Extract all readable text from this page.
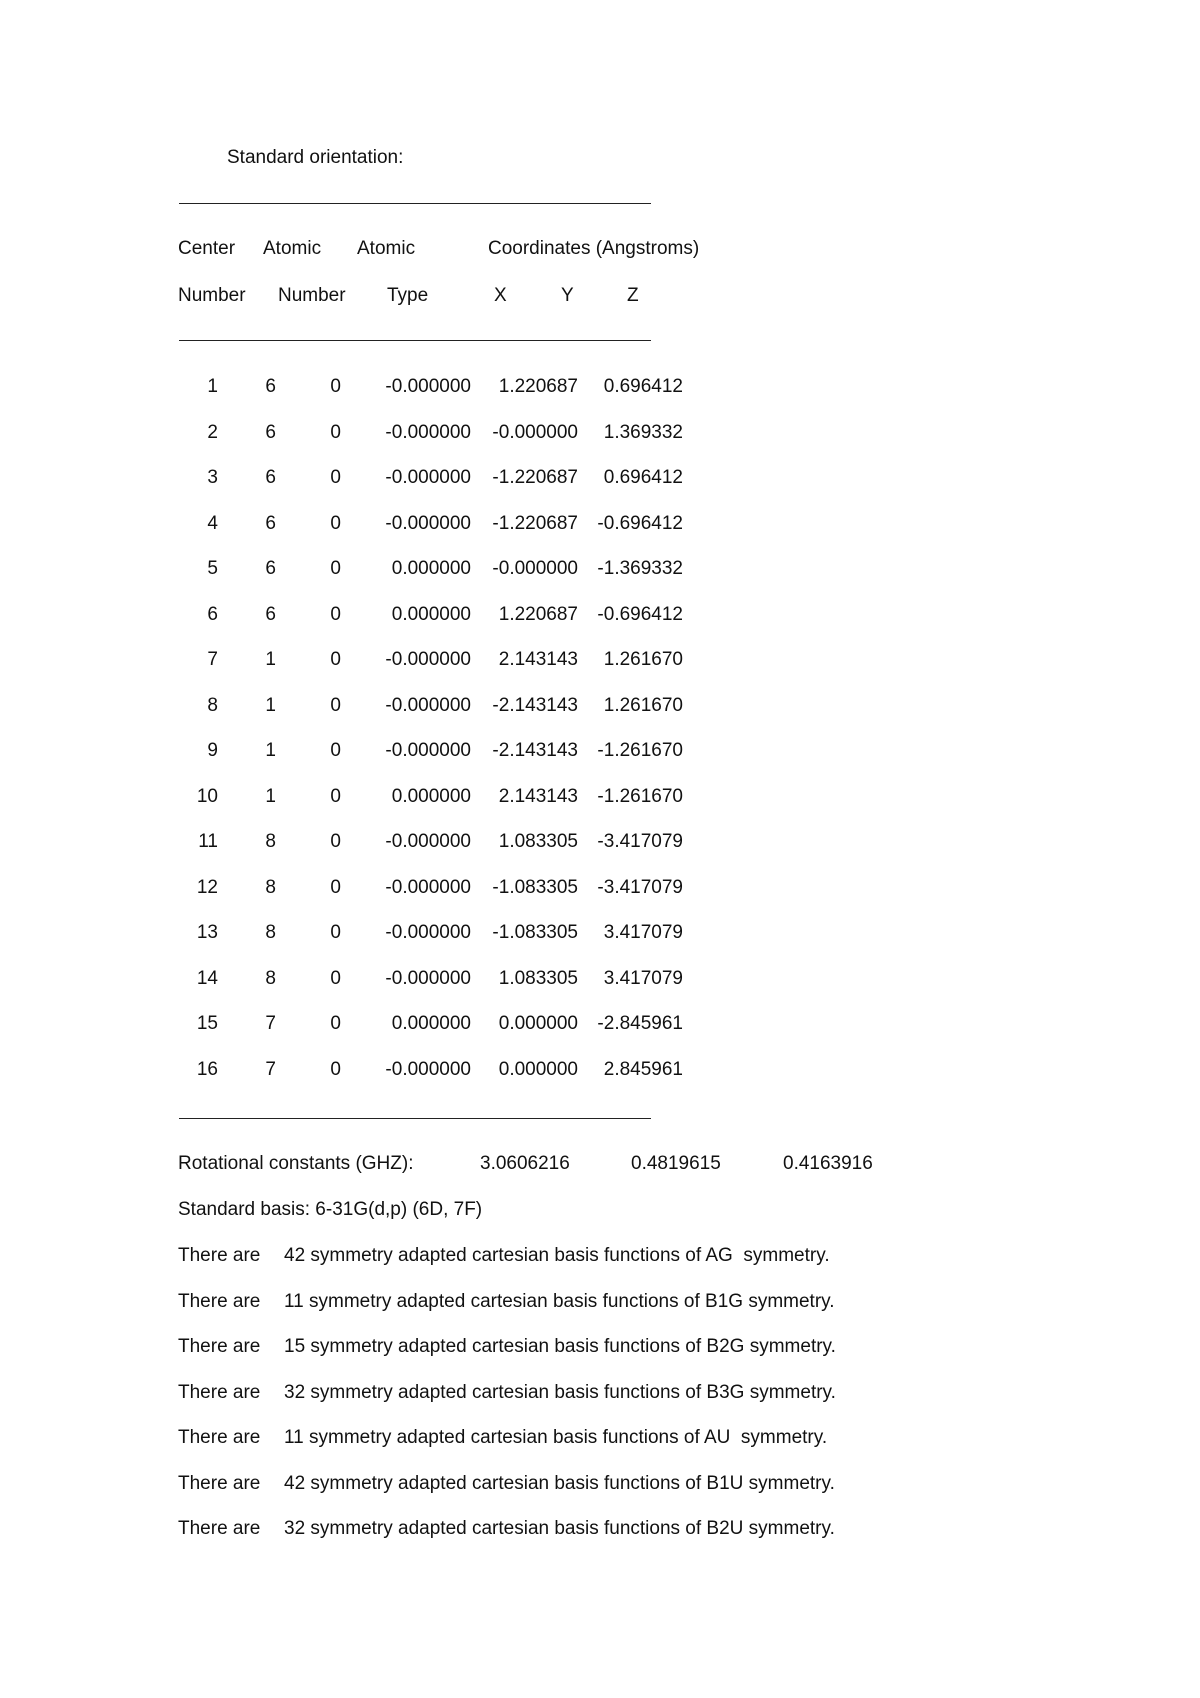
Standard orientation:
Center Atomic Atomic	Coordinates (Angstroms)
Number Number Type	X	Y	Z
1 6	0 -0.000000 1.220687 0.696412
2 6	0 -0.000000 -0.000000 1.369332
3 6	0 -0.000000 -1.220687 0.696412
4 6	0 -0.000000 -1.220687 -0.696412
5 6	0	0.000000 -0.000000 -1.369332
6 6	0	0.000000 1.220687 -0.696412
7 1	0 -0.000000 2.143143 1.261670
8 1	0 -0.000000 -2.143143 1.261670
9 1	0 -0.000000 -2.143143 -1.261670
10 1	0	0.000000 2.143143 -1.261670
11 8	0 -0.000000 1.083305 -3.417079
12 8	0 -0.000000 -1.083305 -3.417079
13 8	0 -0.000000 -1.083305 3.417079
14 8	0 -0.000000 1.083305 3.417079
15 7	0	0.000000 0.000000 -2.845961
16 7	0 -0.000000 0.000000 2.845961
Rotational constants (GHZ):	3.0606216	0.4819615	0.4163916
Standard basis: 6-31G(d,p) (6D, 7F)
There are 42 symmetry adapted cartesian basis functions of AG  symmetry.
There are 11 symmetry adapted cartesian basis functions of B1G symmetry.
There are 15 symmetry adapted cartesian basis functions of B2G symmetry.
There are 32 symmetry adapted cartesian basis functions of B3G symmetry.
There are 11 symmetry adapted cartesian basis functions of AU  symmetry.
There are 42 symmetry adapted cartesian basis functions of B1U symmetry.
There are 32 symmetry adapted cartesian basis functions of B2U symmetry.
